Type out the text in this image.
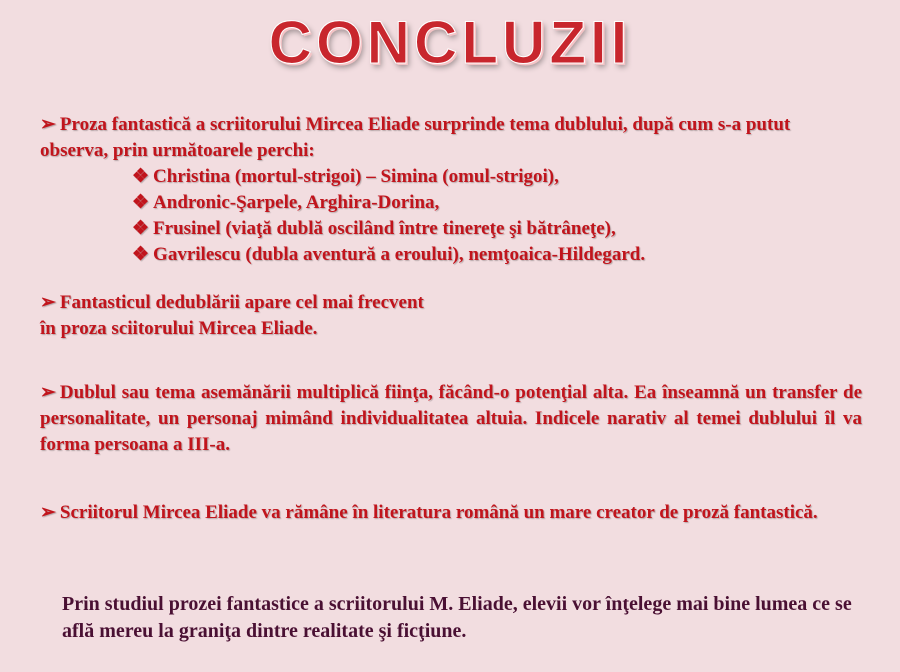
CONCLUZII
➢ Proza fantastică a scriitorului Mircea Eliade surprinde tema dublului, după cum s-a putut observa, prin următoarele perchi:
❖ Christina (mortul-strigoi) – Simina (omul-strigoi),
❖ Andronic-Şarpele, Arghira-Dorina,
❖ Frusinel (viaţă dublă oscilând între tinereţe şi bătrâneţe),
❖ Gavrilescu (dubla aventură a eroului), nemţoaica-Hildegard.
➢ Fantasticul dedublării apare cel mai frecvent
în proza sciitorului Mircea Eliade.
➢ Dublul sau tema asemănării multiplică fiinţa, făcând-o potenţial alta. Ea înseamnă un transfer de personalitate, un personaj mimând individualitatea altuia. Indicele narativ al temei dublului îl va forma persoana a III-a.
➢ Scriitorul Mircea Eliade va rămâne în literatura română un mare creator de proză fantastică.
Prin studiul prozei fantastice a scriitorului M. Eliade, elevii vor înţelege mai bine lumea ce se află mereu la graniţa dintre realitate şi ficţiune.
